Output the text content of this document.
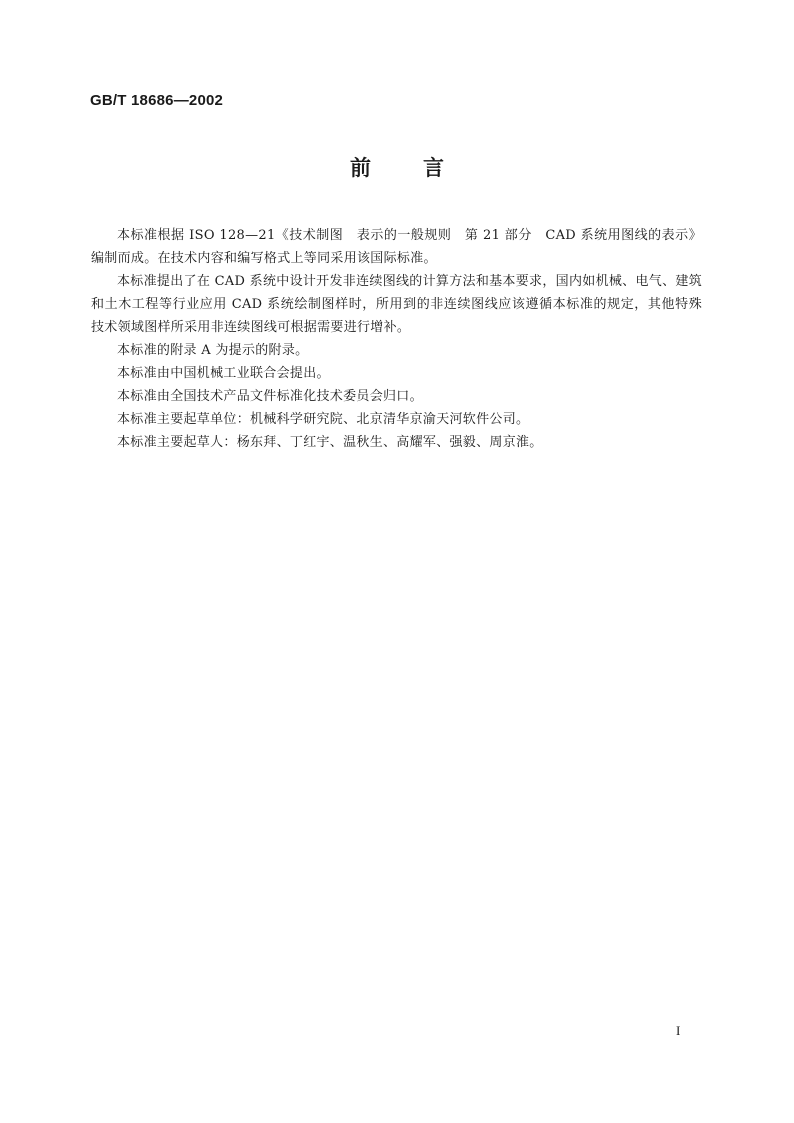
GB/T 18686—2002
前 言

本标准根据 ISO 128—21《技术制图　表示的一般规则　第 21 部分　CAD 系统用图线的表示》编制而成。在技术内容和编写格式上等同采用该国际标准。

本标准提出了在 CAD 系统中设计开发非连续图线的计算方法和基本要求，国内如机械、电气、建筑和土木工程等行业应用 CAD 系统绘制图样时，所用到的非连续图线应该遵循本标准的规定，其他特殊技术领域图样所采用非连续图线可根据需要进行增补。

本标准的附录 A 为提示的附录。

本标准由中国机械工业联合会提出。

本标准由全国技术产品文件标准化技术委员会归口。

本标准主要起草单位：机械科学研究院、北京清华京渝天河软件公司。

本标准主要起草人：杨东拜、丁红宇、温秋生、高耀军、强毅、周京淮。

I
